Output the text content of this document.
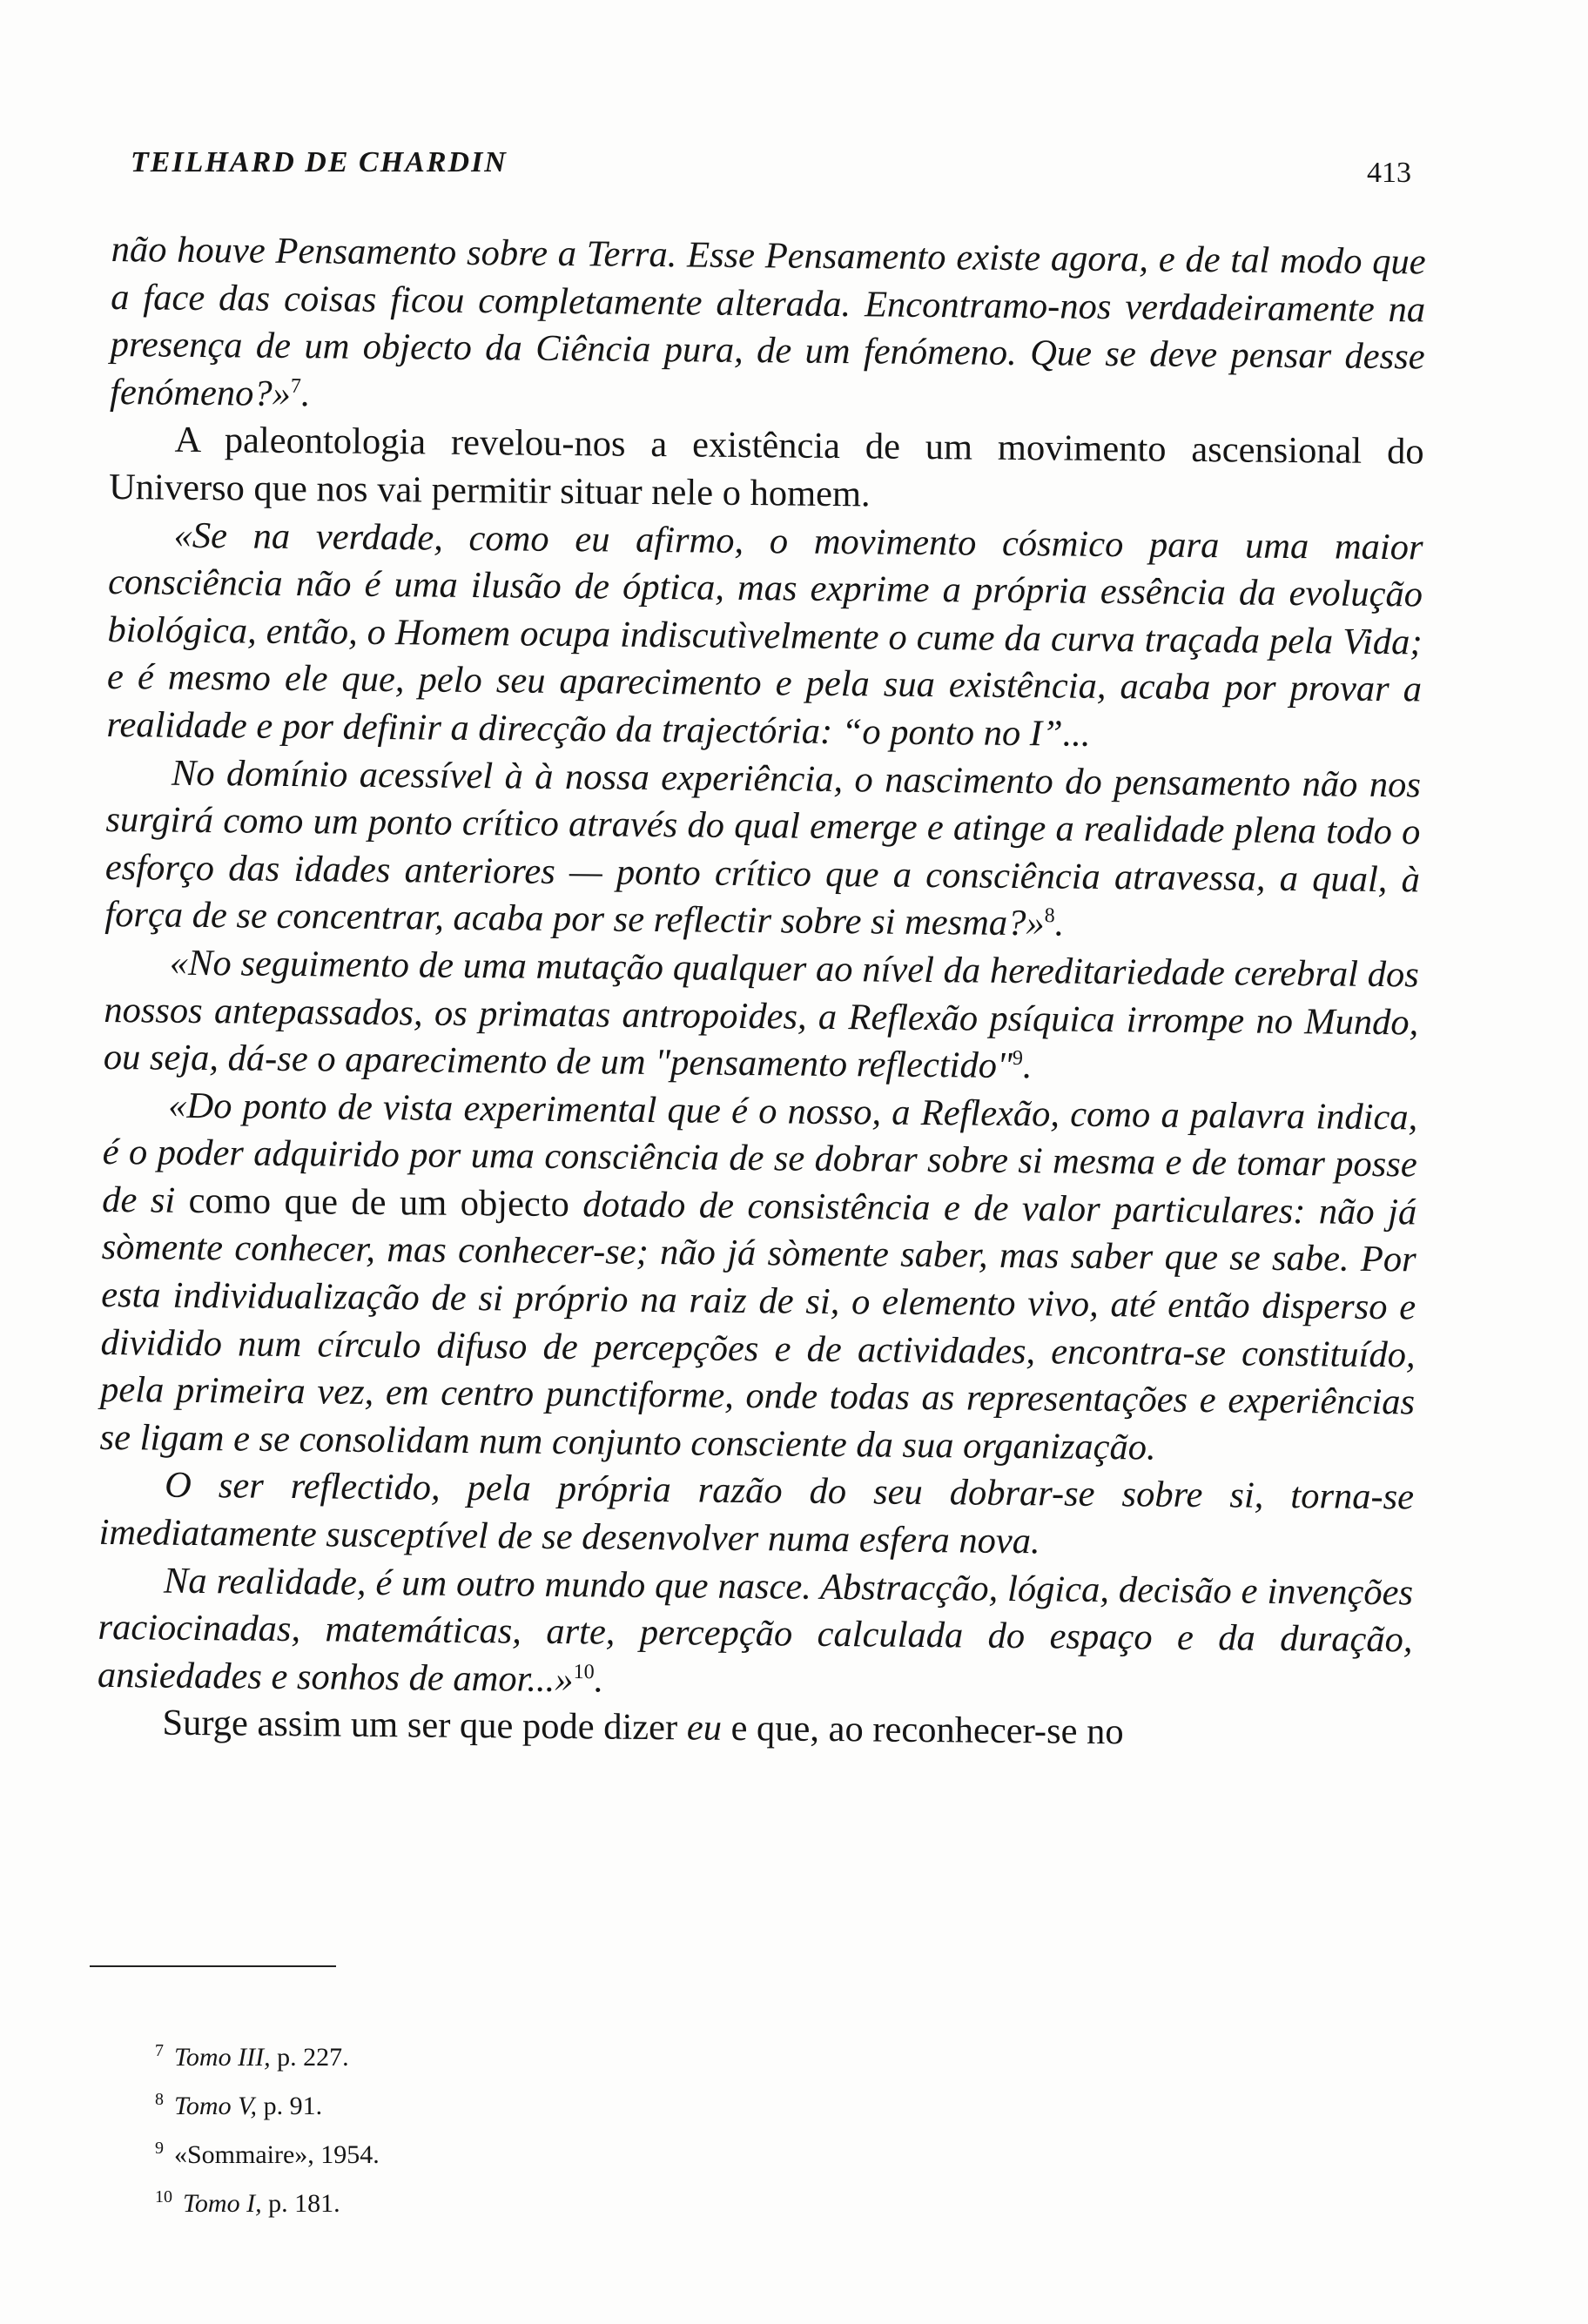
TEILHARD DE CHARDIN	413

não houve Pensamento sobre a Terra. Esse Pensamento existe agora, e de tal modo que a face das coisas ficou completamente alterada. Encontramo-nos verdadeiramente na presença de um objecto da Ciência pura, de um fenómeno. Que se deve pensar desse fenómeno?»$^7$.

A paleontologia revelou-nos a existência de um movimento ascensional do Universo que nos vai permitir situar nele o homem.

«Se na verdade, como eu afirmo, o movimento cósmico para uma maior consciência não é uma ilusão de óptica, mas exprime a própria essência da evolução biológica, então, o Homem ocupa indiscutìvelmente o cume da curva traçada pela Vida; e é mesmo ele que, pelo seu aparecimento e pela sua existência, acaba por provar a realidade e por definir a direcção da trajectória: “o ponto no I”...

No domínio acessível à à nossa experiência, o nascimento do pensamento não nos surgirá como um ponto crítico através do qual emerge e atinge a realidade plena todo o esforço das idades anteriores — ponto crítico que a consciência atravessa, a qual, à força de se concentrar, acaba por se reflectir sobre si mesma?»$^8$.

«No seguimento de uma mutação qualquer ao nível da hereditariedade cerebral dos nossos antepassados, os primatas antropoides, a Reflexão psíquica irrompe no Mundo, ou seja, dá-se o aparecimento de um "pensamento reflectido"$^9$.

«Do ponto de vista experimental que é o nosso, a Reflexão, como a palavra indica, é o poder adquirido por uma consciência de se dobrar sobre si mesma e de tomar posse de si como que de um objecto dotado de consistência e de valor particulares: não já sòmente conhecer, mas conhecer-se; não já sòmente saber, mas saber que se sabe. Por esta individualização de si próprio na raiz de si, o elemento vivo, até então disperso e dividido num círculo difuso de percepções e de actividades, encontra-se constituído, pela primeira vez, em centro punctiforme, onde todas as representações e experiências se ligam e se consolidam num conjunto consciente da sua organização.

O ser reflectido, pela própria razão do seu dobrar-se sobre si, torna-se imediatamente susceptível de se desenvolver numa esfera nova.

Na realidade, é um outro mundo que nasce. Abstracção, lógica, decisão e invenções raciocinadas, matemáticas, arte, percepção calculada do espaço e da duração, ansiedades e sonhos de amor...»$^{10}$.

Surge assim um ser que pode dizer eu e que, ao reconhecer-se no

$^7$ Tomo III, p. 227.
$^8$ Tomo V, p. 91.
$^9$ «Sommaire», 1954.
$^{10}$ Tomo I, p. 181.
